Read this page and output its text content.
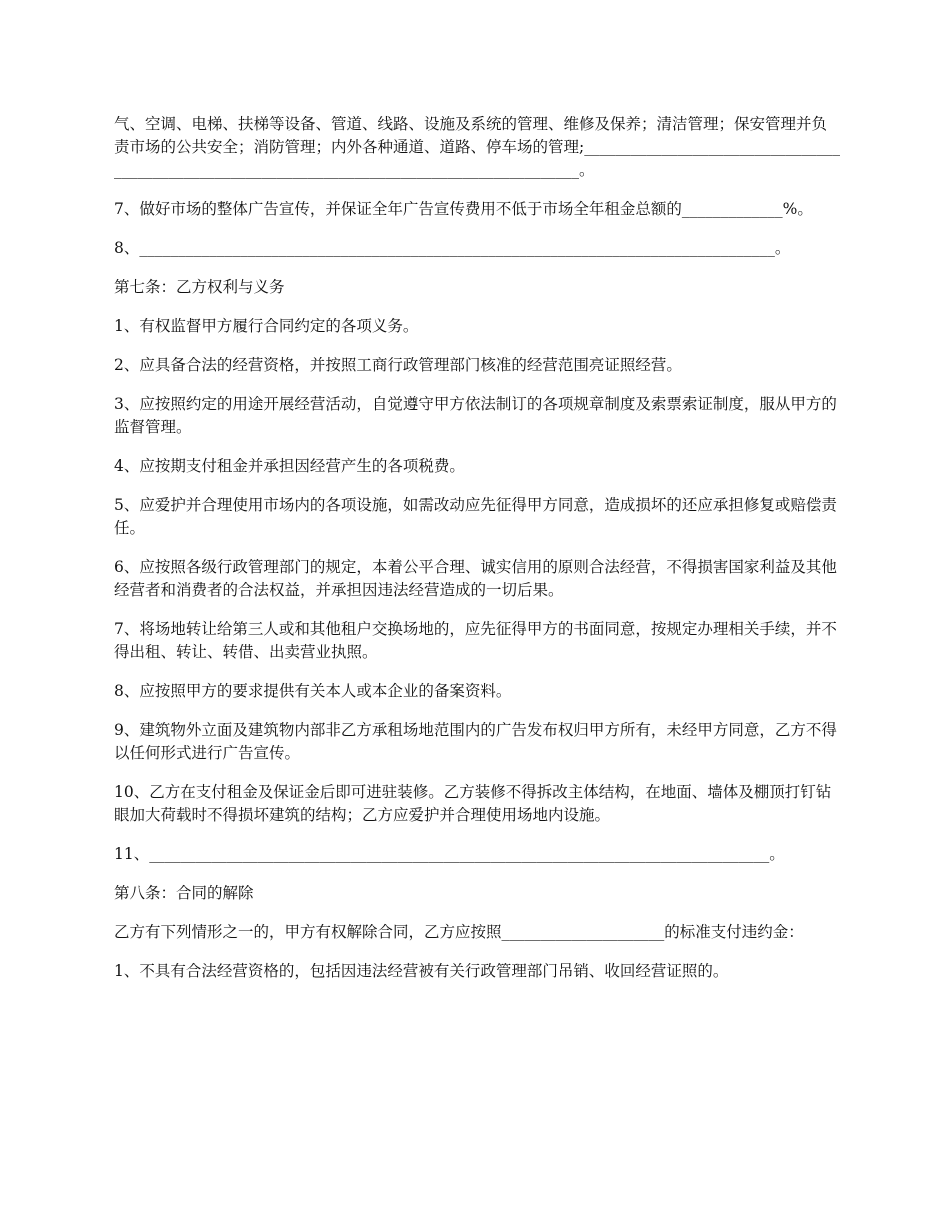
气、空调、电梯、扶梯等设备、管道、线路、设施及系统的管理、维修及保养；清洁管理；保安管理并负责市场的公共安全；消防管理；内外各种通道、道路、停车场的管理;_____________________________________________________________________________________________。

7、做好市场的整体广告宣传，并保证全年广告宣传费用不低于市场全年租金总额的_____________%。

8、__________________________________________________________________________________。

第七条：乙方权利与义务

1、有权监督甲方履行合同约定的各项义务。

2、应具备合法的经营资格，并按照工商行政管理部门核准的经营范围亮证照经营。

3、应按照约定的用途开展经营活动，自觉遵守甲方依法制订的各项规章制度及索票索证制度，服从甲方的监督管理。

4、应按期支付租金并承担因经营产生的各项税费。

5、应爱护并合理使用市场内的各项设施，如需改动应先征得甲方同意，造成损坏的还应承担修复或赔偿责任。

6、应按照各级行政管理部门的规定，本着公平合理、诚实信用的原则合法经营，不得损害国家利益及其他经营者和消费者的合法权益，并承担因违法经营造成的一切后果。

7、将场地转让给第三人或和其他租户交换场地的，应先征得甲方的书面同意，按规定办理相关手续，并不得出租、转让、转借、出卖营业执照。

8、应按照甲方的要求提供有关本人或本企业的备案资料。

9、建筑物外立面及建筑物内部非乙方承租场地范围内的广告发布权归甲方所有，未经甲方同意，乙方不得以任何形式进行广告宣传。

10、乙方在支付租金及保证金后即可进驻装修。乙方装修不得拆改主体结构，在地面、墙体及棚顶打钉钻眼加大荷载时不得损坏建筑的结构；乙方应爱护并合理使用场地内设施。

11、________________________________________________________________________________。

第八条：合同的解除

乙方有下列情形之一的，甲方有权解除合同，乙方应按照_____________________的标准支付违约金：

1、不具有合法经营资格的，包括因违法经营被有关行政管理部门吊销、收回经营证照的。
